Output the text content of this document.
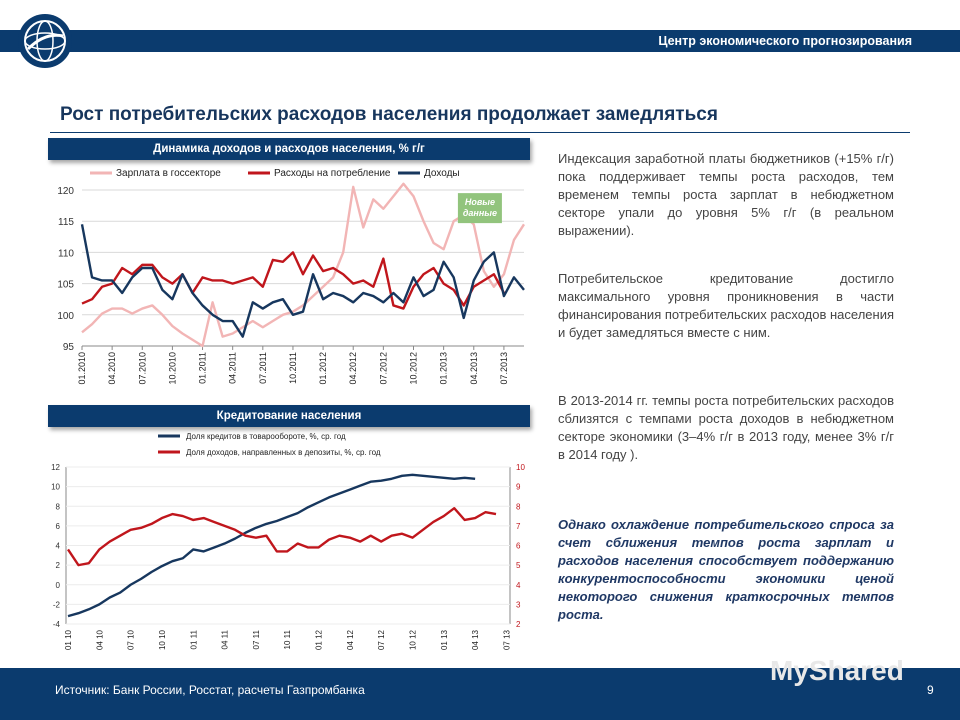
Центр экономического прогнозирования
Рост потребительских расходов населения продолжает замедляться
Динамика доходов и расходов населения, % г/г
95
100
105
110
115
120
01.2010 04.2010 07.2010 10.2010 01.2011 04.2011 07.2011 10.2011 01.2012 04.2012 07.2012 10.2012 01.2013 04.2013 07.2013
Зарплата в госсекторе	Расходы на потребление	Доходы
Новые
данные
Кредитование населения
-4
-2
0
2
4
6
8
10
12
2
3
4
5
6
7
8
9
10
01 10	04 10	07 10	10 10	01 11	04 11	07 11	10 11	01 12	04 12	07 12	10 12	01 13	04 13	07 13
Доля кредитов в товарообороте, %, ср. год
Доля доходов, направленных в депозиты, %, ср. год
Индексация заработной платы бюджетников (+15% г/г) пока поддерживает темпы роста расходов, тем временем темпы роста зарплат в небюджетном секторе упали до уровня 5% г/г (в реальном выражении).
Потребительское кредитование достигло максимального уровня проникновения в части финансирования потребительских расходов населения и будет замедляться вместе с ним.
В 2013-2014 гг. темпы роста потребительских расходов сблизятся с темпами роста доходов в небюджетном секторе экономики (3–4% г/г в 2013 году, менее 3% г/г в 2014 году ).
Однако охлаждение потребительского спроса за счет сближения темпов роста зарплат и расходов населения способствует поддержанию конкурентоспособности экономики ценой некоторого снижения краткосрочных темпов роста.
MyShared
Источник: Банк России, Росстат, расчеты Газпромбанка	9
